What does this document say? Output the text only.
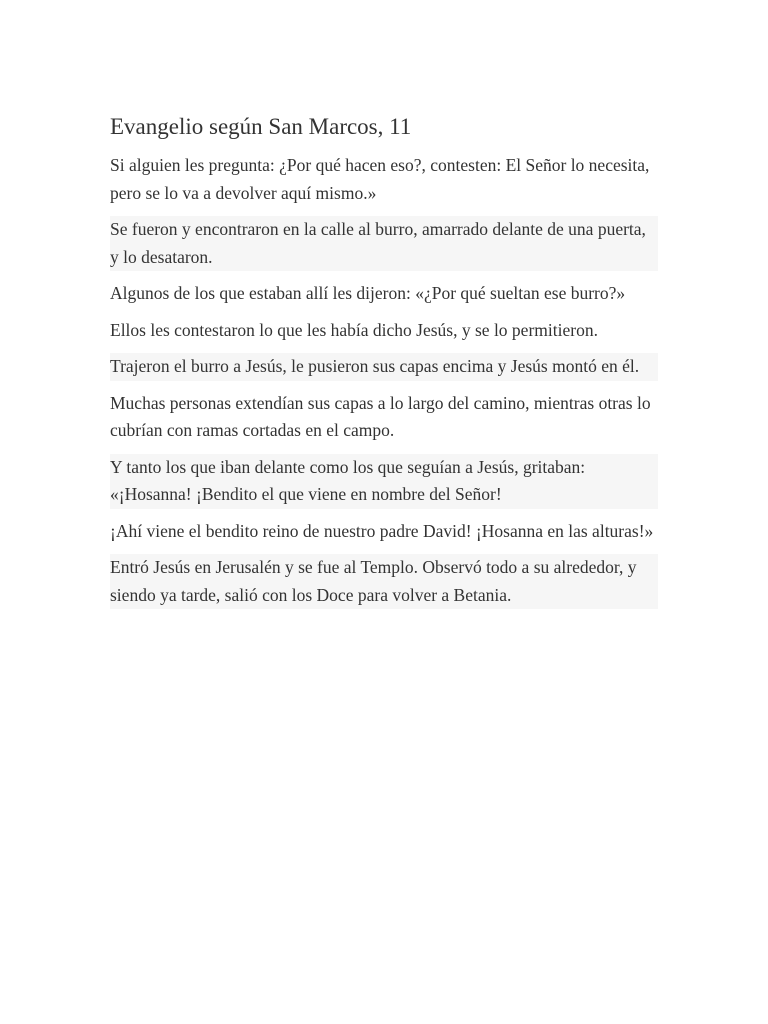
Evangelio según San Marcos, 11

Si alguien les pregunta: ¿Por qué hacen eso?, contesten: El Señor lo necesita, pero se lo va a devolver aquí mismo.»

Se fueron y encontraron en la calle al burro, amarrado delante de una puerta, y lo desataron.

Algunos de los que estaban allí les dijeron: «¿Por qué sueltan ese burro?»

Ellos les contestaron lo que les había dicho Jesús, y se lo permitieron.

Trajeron el burro a Jesús, le pusieron sus capas encima y Jesús montó en él.

Muchas personas extendían sus capas a lo largo del camino, mientras otras lo cubrían con ramas cortadas en el campo.

Y tanto los que iban delante como los que seguían a Jesús, gritaban: «¡Hosanna! ¡Bendito el que viene en nombre del Señor!

¡Ahí viene el bendito reino de nuestro padre David! ¡Hosanna en las alturas!»

Entró Jesús en Jerusalén y se fue al Templo. Observó todo a su alrededor, y siendo ya tarde, salió con los Doce para volver a Betania.
